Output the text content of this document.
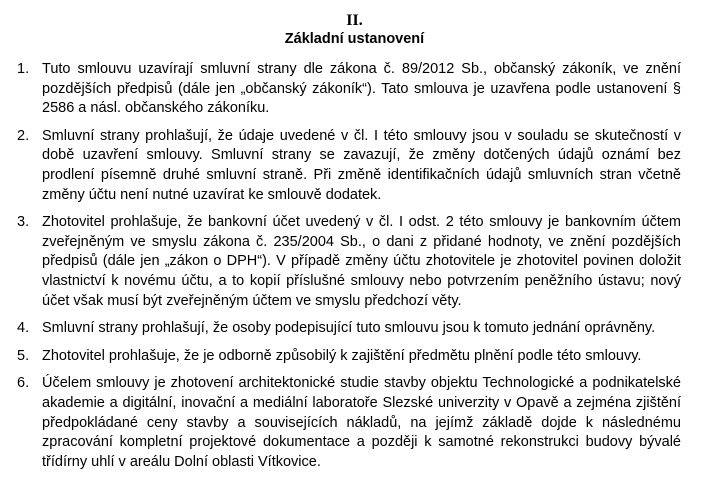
II.
Základní ustanovení
1. Tuto smlouvu uzavírají smluvní strany dle zákona č. 89/2012 Sb., občanský zákoník, ve znění pozdějších předpisů (dále jen „občanský zákoník“). Tato smlouva je uzavřena podle ustanovení § 2586 a násl. občanského zákoníku.
2. Smluvní strany prohlašují, že údaje uvedené v čl. I této smlouvy jsou v souladu se skutečností v době uzavření smlouvy. Smluvní strany se zavazují, že změny dotčených údajů oznámí bez prodlení písemně druhé smluvní straně. Při změně identifikačních údajů smluvních stran včetně změny účtu není nutné uzavírat ke smlouvě dodatek.
3. Zhotovitel prohlašuje, že bankovní účet uvedený v čl. I odst. 2 této smlouvy je bankovním účtem zveřejněným ve smyslu zákona č. 235/2004 Sb., o dani z přidané hodnoty, ve znění pozdějších předpisů (dále jen „zákon o DPH“). V případě změny účtu zhotovitele je zhotovitel povinen doložit vlastnictví k novému účtu, a to kopií příslušné smlouvy nebo potvrzením peněžního ústavu; nový účet však musí být zveřejněným účtem ve smyslu předchozí věty.
4. Smluvní strany prohlašují, že osoby podepisující tuto smlouvu jsou k tomuto jednání oprávněny.
5. Zhotovitel prohlašuje, že je odborně způsobilý k zajištění předmětu plnění podle této smlouvy.
6. Účelem smlouvy je zhotovení architektonické studie stavby objektu Technologické a podnikatelské akademie a digitální, inovační a mediální laboratoře Slezské univerzity v Opavě a zejména zjištění předpokládané ceny stavby a souvisejících nákladů, na jejímž základě dojde k následnému zpracování kompletní projektové dokumentace a později k samotné rekonstrukci budovy bývalé třídírny uhlí v areálu Dolní oblasti Vítkovice.
